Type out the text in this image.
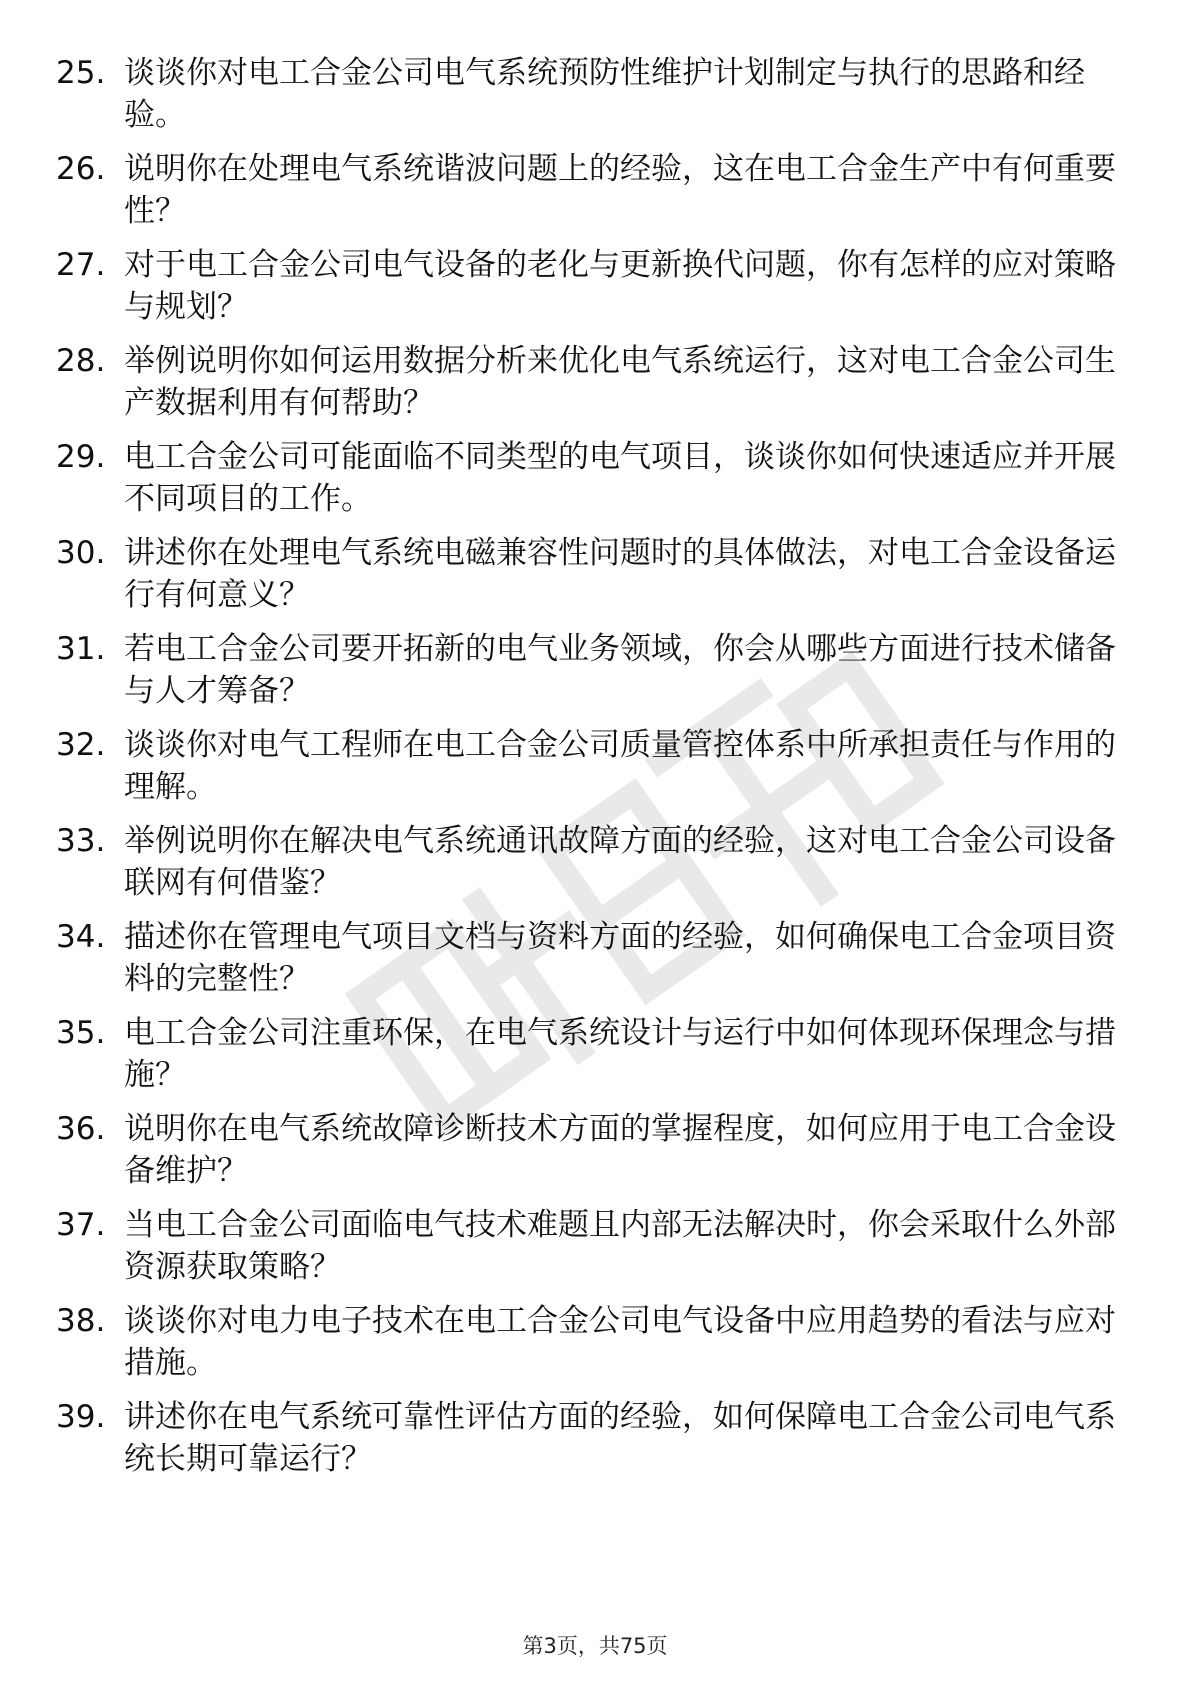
25. 谈谈你对电工合金公司电气系统预防性维护计划制定与执行的思路和经验。
26. 说明你在处理电气系统谐波问题上的经验，这在电工合金生产中有何重要性？
27. 对于电工合金公司电气设备的老化与更新换代问题，你有怎样的应对策略与规划？
28. 举例说明你如何运用数据分析来优化电气系统运行，这对电工合金公司生产数据利用有何帮助？
29. 电工合金公司可能面临不同类型的电气项目，谈谈你如何快速适应并开展不同项目的工作。
30. 讲述你在处理电气系统电磁兼容性问题时的具体做法，对电工合金设备运行有何意义？
31. 若电工合金公司要开拓新的电气业务领域，你会从哪些方面进行技术储备与人才筹备？
32. 谈谈你对电气工程师在电工合金公司质量管控体系中所承担责任与作用的理解。
33. 举例说明你在解决电气系统通讯故障方面的经验，这对电工合金公司设备联网有何借鉴？
34. 描述你在管理电气项目文档与资料方面的经验，如何确保电工合金项目资料的完整性？
35. 电工合金公司注重环保，在电气系统设计与运行中如何体现环保理念与措施？
36. 说明你在电气系统故障诊断技术方面的掌握程度，如何应用于电工合金设备维护？
37. 当电工合金公司面临电气技术难题且内部无法解决时，你会采取什么外部资源获取策略？
38. 谈谈你对电力电子技术在电工合金公司电气设备中应用趋势的看法与应对措施。
39. 讲述你在电气系统可靠性评估方面的经验，如何保障电工合金公司电气系统长期可靠运行？
第3页，共75页
